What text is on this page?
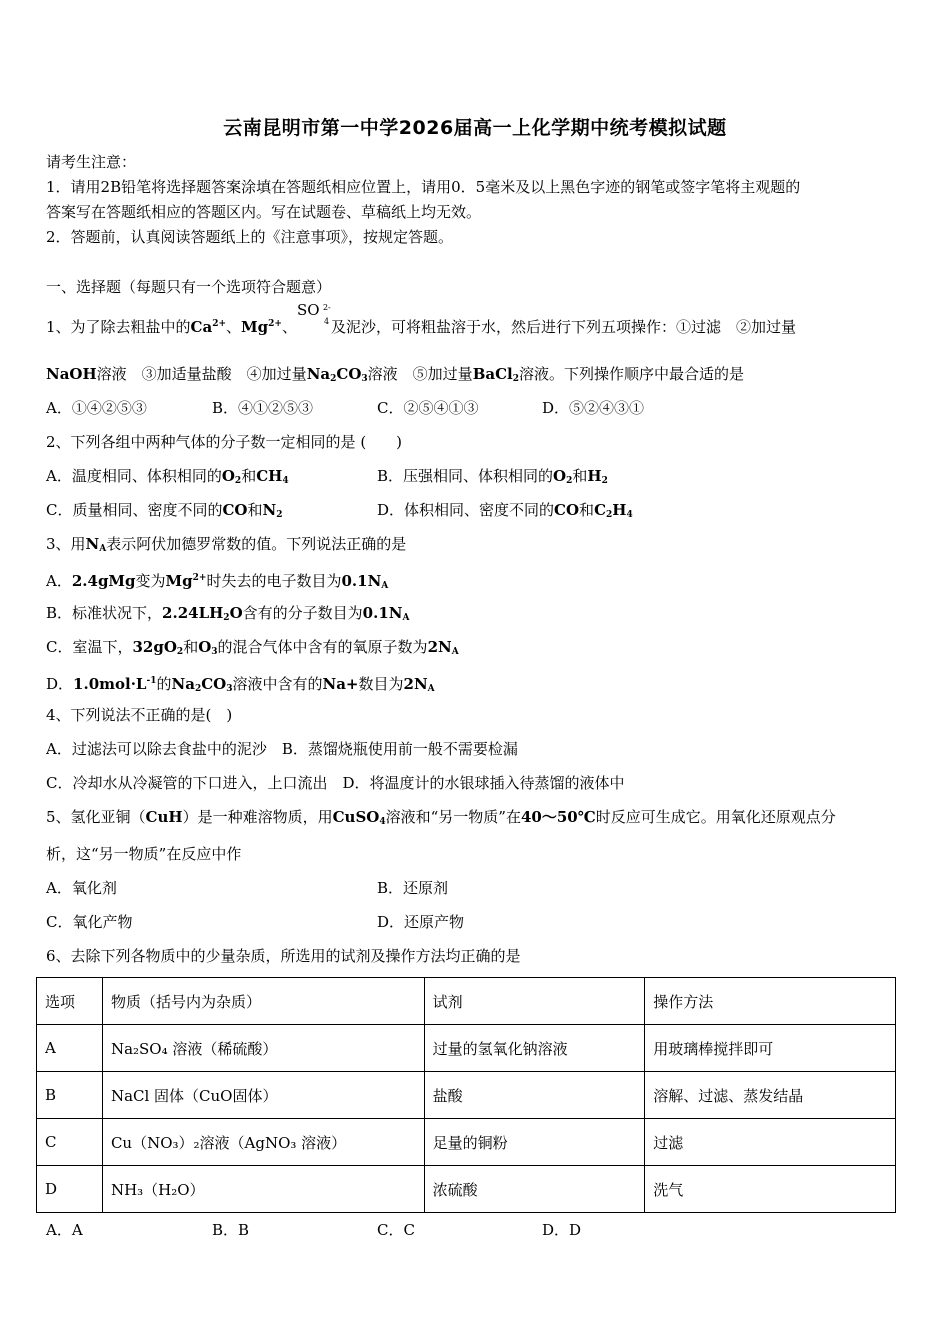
云南昆明市第一中学2026届高一上化学期中统考模拟试题
请考生注意：
1．请用2B铅笔将选择题答案涂填在答题纸相应位置上，请用0．5毫米及以上黑色字迹的钢笔或签字笔将主观题的
答案写在答题纸相应的答题区内。写在试题卷、草稿纸上均无效。
2．答题前，认真阅读答题纸上的《注意事项》，按规定答题。
一、选择题（每题只有一个选项符合题意）
1、为了除去粗盐中的$Ca^{2+}$、$Mg^{2+}$、
SO 2-
4 及泥沙，可将粗盐溶于水，然后进行下列五项操作：①过滤　②加过量
NaOH溶液　③加适量盐酸　④加过量$Na_2CO_3$溶液　⑤加过量BaCl$_2$溶液。下列操作顺序中最合适的是
A．①④②⑤③	B．④①②⑤③	C．②⑤④①③	D．⑤②④③①
2、下列各组中两种气体的分子数一定相同的是 (　　)
A．温度相同、体积相同的$O_2$和$CH_4$	B．压强相同、体积相同的$O_2$和$H_2$
C．质量相同、密度不同的CO和$N_2$	D．体积相同、密度不同的CO和$C_2H_4$
3、用$N_A$表示阿伏加德罗常数的值。下列说法正确的是
A．2.4gMg变为$Mg^{2+}$时失去的电子数目为$0.1N_A$
B．标准状况下，$2.24LH_2O$含有的分子数目为$0.1N_A$
C．室温下，$32gO_2$和$O_3$的混合气体中含有的氧原子数为$2N_A$
D．$1.0mol\cdot L^{-1}$的$Na_2CO_3$溶液中含有的Na+数目为$2N_A$
4、下列说法不正确的是(　)
A．过滤法可以除去食盐中的泥沙　B．蒸馏烧瓶使用前一般不需要检漏
C．冷却水从冷凝管的下口进入，上口流出　D．将温度计的水银球插入待蒸馏的液体中
5、氢化亚铜（CuH）是一种难溶物质，用CuSO$_4$溶液和“另一物质”在40～50℃时反应可生成它。用氧化还原观点分
析，这“另一物质”在反应中作
A．氧化剂	B．还原剂
C．氧化产物	D．还原产物
6、去除下列各物质中的少量杂质，所选用的试剂及操作方法均正确的是
选项	物质（括号内为杂质）	试剂	操作方法
A	Na₂SO₄ 溶液（稀硫酸）	过量的氢氧化钠溶液	用玻璃棒搅拌即可
B	NaCl 固体（CuO固体）	盐酸	溶解、过滤、蒸发结晶
C	Cu（NO₃）₂溶液（AgNO₃ 溶液）	足量的铜粉	过滤
D	NH₃（H₂O）	浓硫酸	洗气
A．A	B．B	C．C	D．D
